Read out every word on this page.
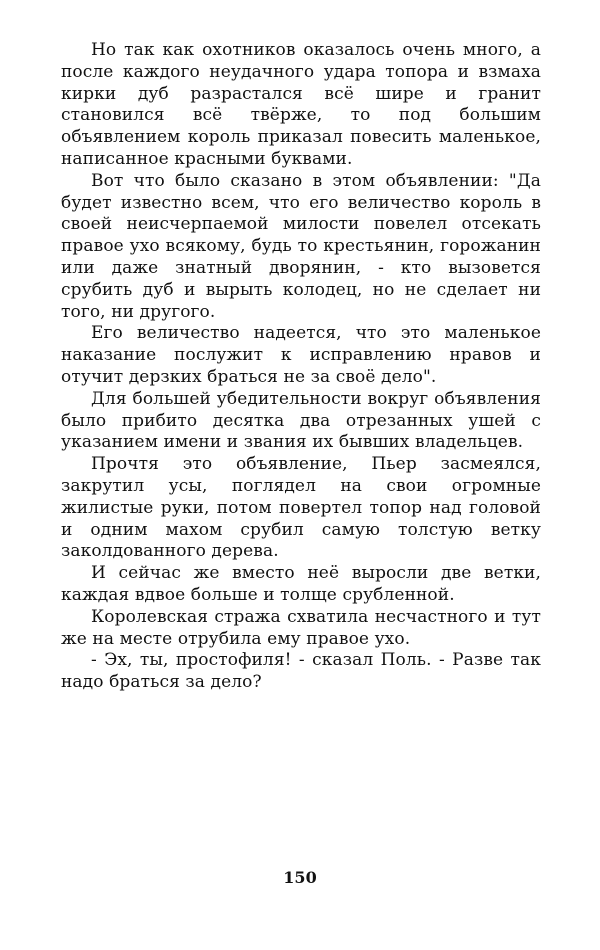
Но так как охотников оказалось очень много, а после каждого неудачного удара топора и взмаха кирки дуб разрастался всё шире и гранит становился всё твёрже, то под большим объявлением король приказал повесить маленькое, написанное красными буквами.

Вот что было сказано в этом объявлении: "Да будет известно всем, что его величество король в своей неисчерпаемой милости повелел отсекать правое ухо всякому, будь то крестьянин, горожанин или даже знатный дворянин, - кто вызовется срубить дуб и вырыть колодец, но не сделает ни того, ни другого.

Его величество надеется, что это маленькое наказание послужит к исправлению нравов и отучит дерзких браться не за своё дело".

Для большей убедительности вокруг объявления было прибито десятка два отрезанных ушей с указанием имени и звания их бывших владельцев.

Прочтя это объявление, Пьер засмеялся, закрутил усы, поглядел на свои огромные жилистые руки, потом повертел топор над головой и одним махом срубил самую толстую ветку заколдованного дерева.

И сейчас же вместо неё выросли две ветки, каждая вдвое больше и толще срубленной.

Королевская стража схватила несчастного и тут же на месте отрубила ему правое ухо.

- Эх, ты, простофиля! - сказал Поль. - Разве так надо браться за дело?

150
